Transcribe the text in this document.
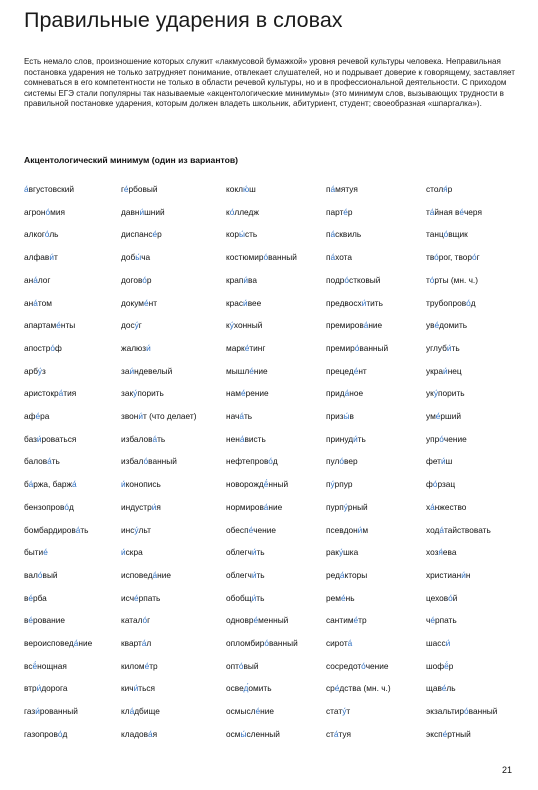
Правильные ударения в словах

Есть немало слов, произношение которых служит «лакмусовой бумажкой» уровня речевой культуры человека. Неправильная постановка ударения не только затрудняет понимание, отвлекает слушателей, но и подрывает доверие к говорящему, заставляет сомневаться в его компетентности не только в области речевой культуры, но и в профессиональной деятельности. С приходом системы ЕГЭ стали популярны так называемые «акцентологические минимумы» (это минимум слов, вызывающих трудности в правильной постановке ударения, которым должен владеть школьник, абитуриент, студент; своеобразная «шпаргалка»).

Акцентологический минимум (один из вариантов)
а́вгустовский
агроно́мия
алкого́ль
алфави́т
ана́лог
ана́том
апартаме́нты
апостро́ф
арбу́з
аристокра́тия
афе́ра
бази́роваться
балова́ть
ба́ржа, баржа́
бензопрово́д
бомбардирова́ть
бытие́
вало́вый
ве́рба
ве́рование
вероисповеда́ние
всё́нощная
втри́дорога
гази́рованный
газопрово́д
ге́рбовый
давни́шний
диспансе́р
добы́ча
догово́р
докуме́нт
досу́г
жалюзи́
заи́ндевелый
заку́порить
звони́т (что делает)
избалова́ть
избало́ванный
и́конопись
индустри́я
инсу́льт
и́скра
исповеда́ние
исче́рпать
катало́г
кварта́л
киломе́тр
кичи́ться
кла́дбище
кладова́я
коклю́ш
ко́лледж
коры́сть
костюмиро́ванный
крапи́ва
краси́вее
ку́хонный
марке́тинг
мышле́ние
наме́рение
нача́ть
нена́висть
нефтепрово́д
новорождё́нный
нормирова́ние
обеспе́чение
облегчи́ть
облегчи́ть
обобщи́ть
одновре́менный
опломбиро́ванный
опто́вый
освед́омить
осмысле́ние
осмы́сленный
па́мятуя
парте́р
па́сквиль
па́хота
подро́стковый
предвосхи́тить
премирова́ние
премиро́ванный
прецеде́нт
прида́ное
призы́в
принуди́ть
пуло́вер
пу́рпур
пурпу́рный
псевдони́м
раку́шка
реда́кторы
реме́нь
сантиме́тр
сирота́
сосредото́чение
сре́дства (мн. ч.)
стату́т
ста́туя
столя́р
та́йная ве́черя
танцо́вщик
тво́рог, творо́г
то́рты (мн. ч.)
трубопрово́д
уве́домить
углуби́ть
украи́нец
уку́порить
уме́рший
упро́чение
фети́ш
фо́рзац
ха́нжество
хода́тайствовать
хозя́ева
христиани́н
цехово́й
че́рпать
шасси́
шофё́р
щаве́ль
экзальтиро́ванный
экспе́ртный
21
